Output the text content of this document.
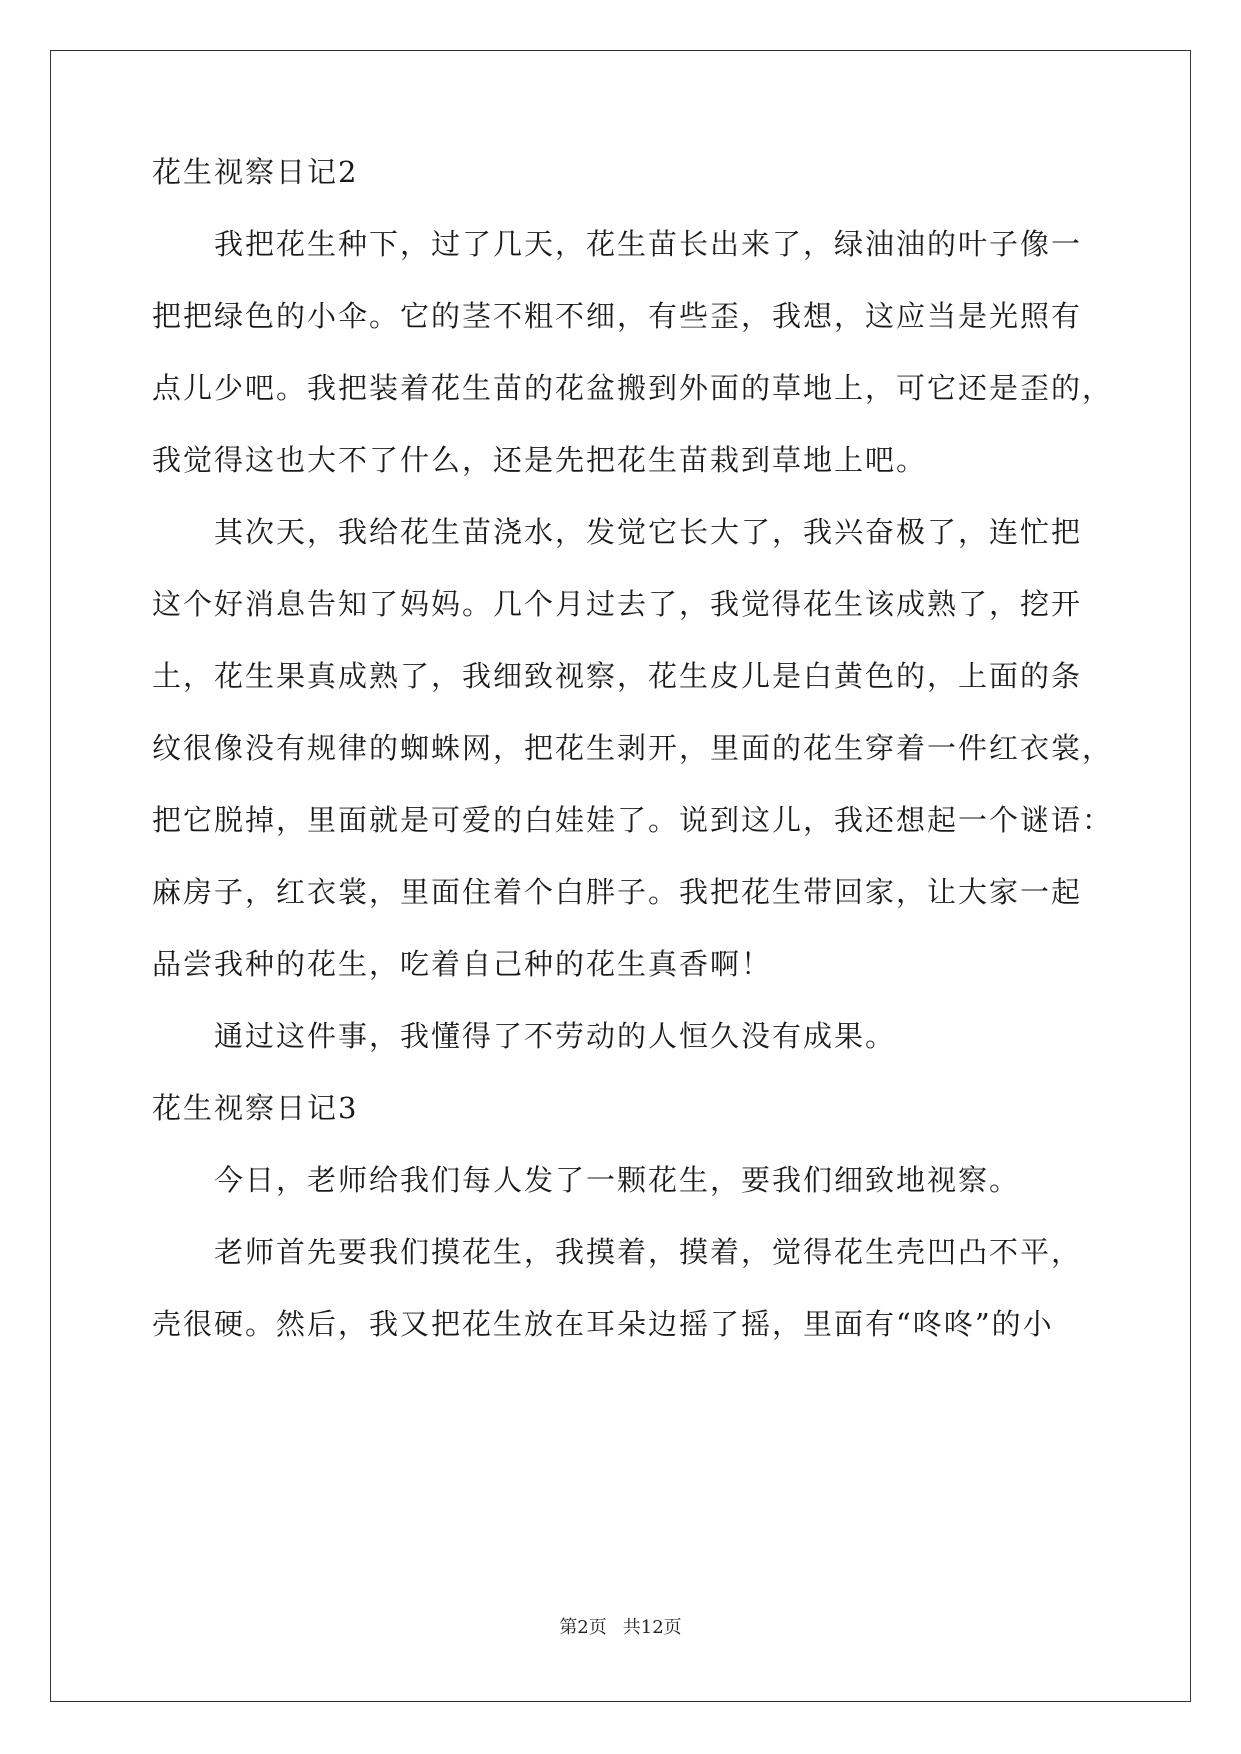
花生视察日记2

我把花生种下，过了几天，花生苗长出来了，绿油油的叶子像一

把把绿色的小伞。它的茎不粗不细，有些歪，我想，这应当是光照有

点儿少吧。我把装着花生苗的花盆搬到外面的草地上，可它还是歪的，

我觉得这也大不了什么，还是先把花生苗栽到草地上吧。

其次天，我给花生苗浇水，发觉它长大了，我兴奋极了，连忙把

这个好消息告知了妈妈。几个月过去了，我觉得花生该成熟了，挖开

土，花生果真成熟了，我细致视察，花生皮儿是白黄色的，上面的条

纹很像没有规律的蜘蛛网，把花生剥开，里面的花生穿着一件红衣裳，

把它脱掉，里面就是可爱的白娃娃了。说到这儿，我还想起一个谜语：

麻房子，红衣裳，里面住着个白胖子。我把花生带回家，让大家一起

品尝我种的花生，吃着自己种的花生真香啊！

通过这件事，我懂得了不劳动的人恒久没有成果。

花生视察日记3

今日，老师给我们每人发了一颗花生，要我们细致地视察。

老师首先要我们摸花生，我摸着，摸着，觉得花生壳凹凸不平，

壳很硬。然后，我又把花生放在耳朵边摇了摇，里面有“咚咚”的小

第2页 共12页
